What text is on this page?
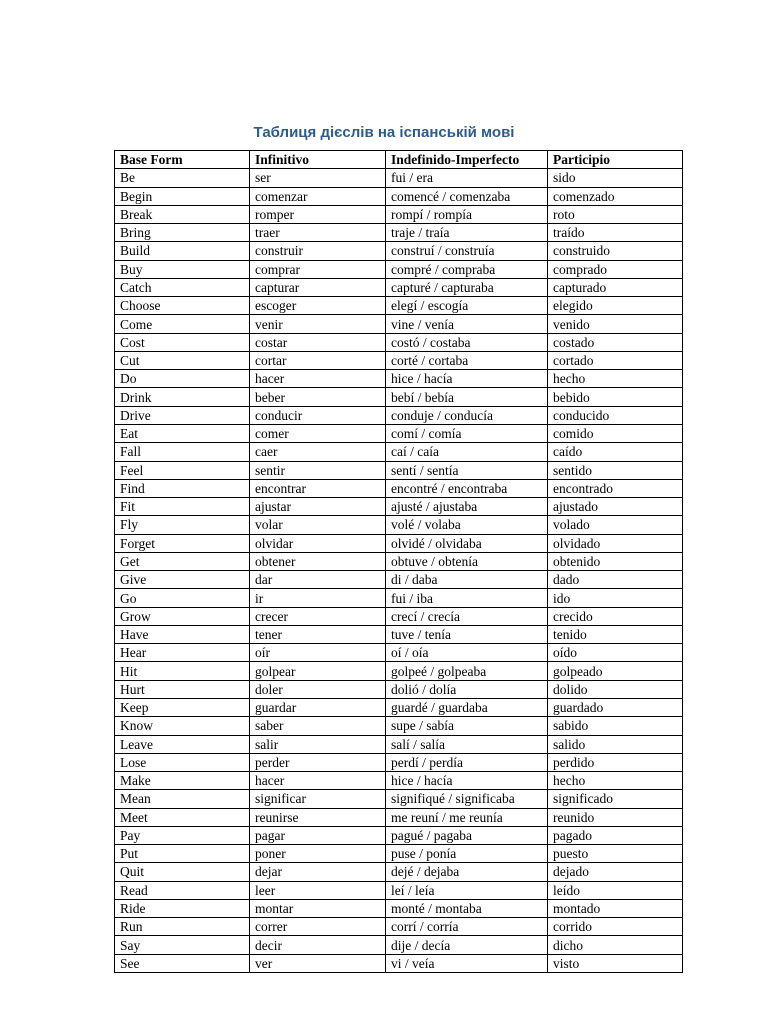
Таблиця дієслів на іспанській мові
Base Form	Infinitivo	Indefinido-Imperfecto	Participio
Be	ser	fui / era	sido
Begin	comenzar	comencé / comenzaba	comenzado
Break	romper	rompí / rompía	roto
Bring	traer	traje / traía	traído
Build	construir	construí / construía	construido
Buy	comprar	compré / compraba	comprado
Catch	capturar	capturé / capturaba	capturado
Choose	escoger	elegí / escogía	elegido
Come	venir	vine / venía	venido
Cost	costar	costó / costaba	costado
Cut	cortar	corté / cortaba	cortado
Do	hacer	hice / hacía	hecho
Drink	beber	bebí / bebía	bebido
Drive	conducir	conduje / conducía	conducido
Eat	comer	comí / comía	comido
Fall	caer	caí / caía	caído
Feel	sentir	sentí / sentía	sentido
Find	encontrar	encontré / encontraba	encontrado
Fit	ajustar	ajusté / ajustaba	ajustado
Fly	volar	volé / volaba	volado
Forget	olvidar	olvidé / olvidaba	olvidado
Get	obtener	obtuve / obtenía	obtenido
Give	dar	di / daba	dado
Go	ir	fui / iba	ido
Grow	crecer	crecí / crecía	crecido
Have	tener	tuve / tenía	tenido
Hear	oír	oí / oía	oído
Hit	golpear	golpeé / golpeaba	golpeado
Hurt	doler	dolió / dolía	dolido
Keep	guardar	guardé / guardaba	guardado
Know	saber	supe / sabía	sabido
Leave	salir	salí / salía	salido
Lose	perder	perdí / perdía	perdido
Make	hacer	hice / hacía	hecho
Mean	significar	signifiqué / significaba	significado
Meet	reunirse	me reuní / me reunía	reunido
Pay	pagar	pagué / pagaba	pagado
Put	poner	puse / ponía	puesto
Quit	dejar	dejé / dejaba	dejado
Read	leer	leí / leía	leído
Ride	montar	monté / montaba	montado
Run	correr	corrí / corría	corrido
Say	decir	dije / decía	dicho
See	ver	vi / veía	visto
